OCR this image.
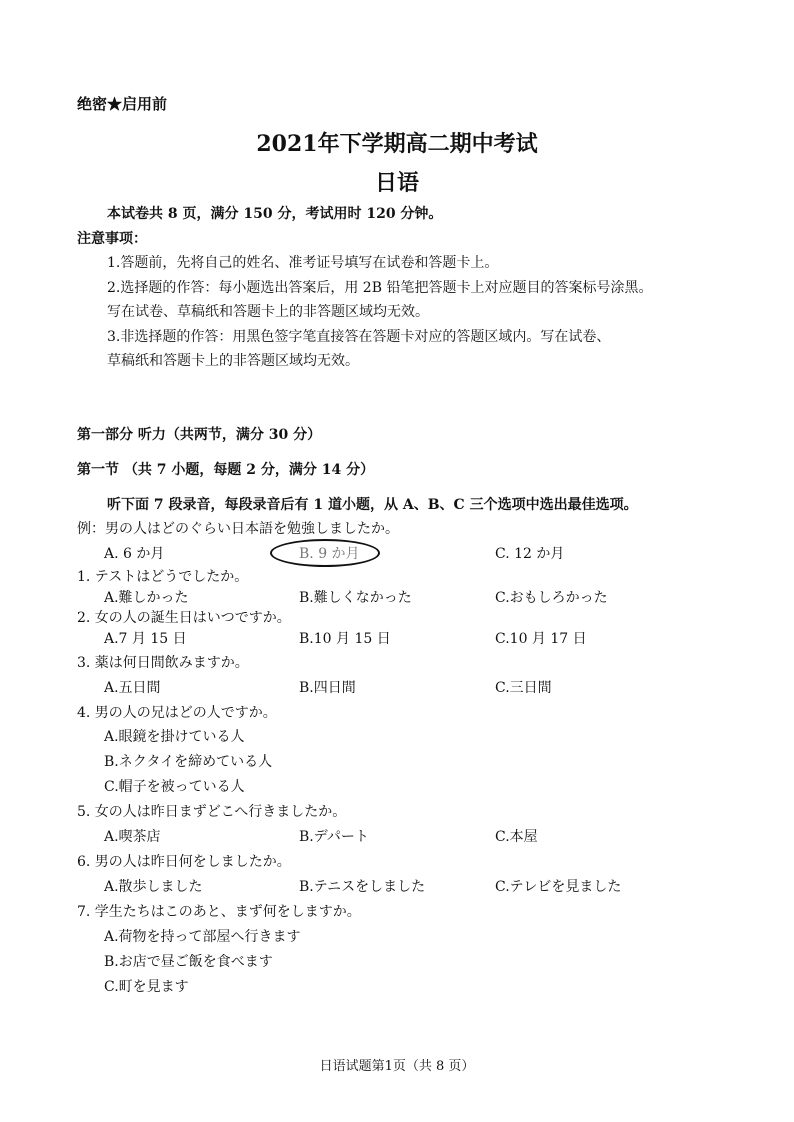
绝密★启用前
2021年下学期高二期中考试
日语
本试卷共 8 页，满分 150 分，考试用时 120 分钟。
注意事项：
1.答题前，先将自己的姓名、准考证号填写在试卷和答题卡上。
2.选择题的作答：每小题选出答案后，用 2B 铅笔把答题卡上对应题目的答案标号涂黑。
写在试卷、草稿纸和答题卡上的非答题区域均无效。
3.非选择题的作答：用黑色签字笔直接答在答题卡对应的答题区域内。写在试卷、
草稿纸和答题卡上的非答题区域均无效。
第一部分 听力（共两节，满分 30 分）
第一节 （共 7 小题，每题 2 分，满分 14 分）
听下面 7 段录音，每段录音后有 1 道小题，从 A、B、C 三个选项中选出最佳选项。
例：男の人はどのぐらい日本語を勉強しましたか。
A. 6 か月	B. 9 か月	C. 12 か月
1. テストはどうでしたか。
A.難しかった	B.難しくなかった	C.おもしろかった
2. 女の人の誕生日はいつですか。
A.7 月 15 日	B.10 月 15 日	C.10 月 17 日
3. 薬は何日間飲みますか。
A.五日間	B.四日間	C.三日間
4. 男の人の兄はどの人ですか。
A.眼鏡を掛けている人
B.ネクタイを締めている人
C.帽子を被っている人
5. 女の人は昨日まずどこへ行きましたか。
A.喫茶店	B.デパート	C.本屋
6. 男の人は昨日何をしましたか。
A.散歩しました	B.テニスをしました	C.テレビを見ました
7. 学生たちはこのあと、まず何をしますか。
A.荷物を持って部屋へ行きます
B.お店で昼ご飯を食べます
C.町を見ます
日语试题第1页（共 8 页）
